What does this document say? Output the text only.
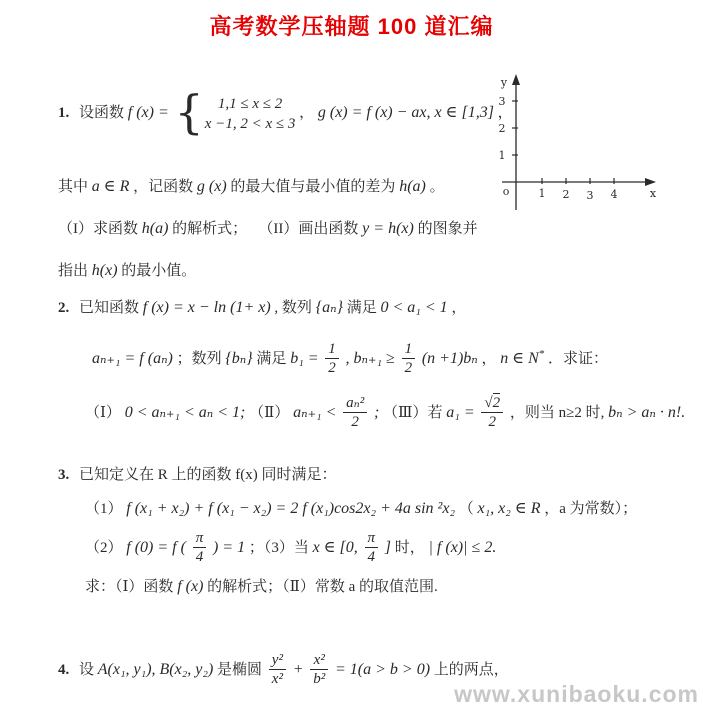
高考数学压轴题 100 道汇编
1. 设函数 f (x) = { 1,1 ≤ x ≤ 2
x −1, 2 < x ≤ 3
， g (x) = f (x) − ax, x ∈ [1,3] ，
其中 a ∈ R ，记函数 g (x) 的最大值与最小值的差为 h(a) 。
（I）求函数 h(a) 的解析式；　 （II）画出函数 y = h(x) 的图象并
指出 h(x) 的最小值。
1
2
3
1 2 3 4
y
x
o
2. 已知函数 f (x) = x − ln (1+ x) , 数列 {aₙ} 满足 0 < a₁ < 1 ，
aₙ₊₁ = f (aₙ) ；数列 {bₙ} 满足 $b_1 = \frac{1}{2}$ , $b_{n+1} \ge \frac{1}{2} (n +1)b_n$ ， n ∈ N* ．求证：
（Ⅰ） 0 < aₙ₊₁ < aₙ < 1; （Ⅱ） $a_{n+1} < \frac{\text{aₙ²}}{2}$ ; （Ⅲ）若 $a_1 = \frac{√2}{2}$ ，则当 n≥2 时, bₙ > aₙ · n!.
3. 已知定义在 R 上的函数 f(x) 同时满足：
（1） f (x₁ + x₂) + f (x₁ − x₂) = 2 f (x₁)cos2x₂ + 4a sin ²x₂ （ x₁, x₂ ∈ R ，a 为常数）；
（2） f (0) = f ( $\frac{\pi}{4}$ ) = 1 ；（3）当 x ∈ [0, $\frac{\pi}{4}$ ] 时， | f (x)| ≤ 2.
求：（Ⅰ）函数 f (x) 的解析式；（Ⅱ）常数 a 的取值范围.
4. 设 A(x₁, y₁), B(x₂, y₂) 是椭圆 $\frac{\text{y²}}{\text{x²}} + \frac{\text{x²}}{\text{b²}} = 1(a > b > 0)$ 上的两点，
www.xunibaoku.com
